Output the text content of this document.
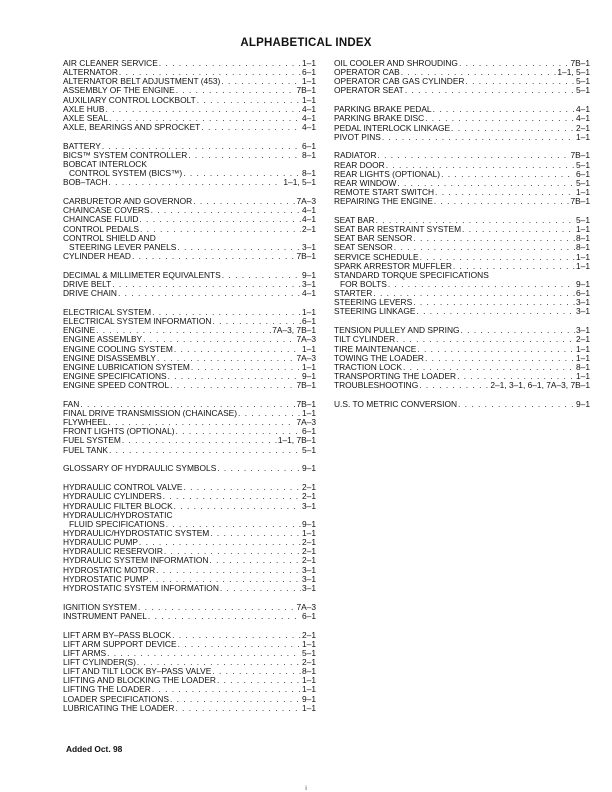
ALPHABETICAL INDEX
AIR CLEANER SERVICE . . .	1–1
ALTERNATOR . . .	6–1
ALTERNATOR BELT ADJUSTMENT (453) . . .	1–1
ASSEMBLY OF THE ENGINE . . .	7B–1
AUXILIARY CONTROL LOCKBOLT . . .	1–1
AXLE HUB . . .	4–1
AXLE SEAL . . .	4–1
AXLE, BEARINGS AND SPROCKET . . .	4–1
BATTERY . . .	6–1
BICS™ SYSTEM CONTROLLER . . .	8–1
BOBCAT INTERLOCK
CONTROL SYSTEM (BICS™) . . .	8–1
BOB–TACH . . .	1–1, 5–1
CARBURETOR AND GOVERNOR . . .	7A–3
CHAINCASE COVERS . . .	4–1
CHAINCASE FLUID . . .	4–1
CONTROL PEDALS . . .	2–1
CONTROL SHIELD AND
STEERING LEVER PANELS . . .	3–1
CYLINDER HEAD . . .	7B–1
DECIMAL & MILLIMETER EQUIVALENTS . . .	9–1
DRIVE BELT . . .	3–1
DRIVE CHAIN . . .	4–1
ELECTRICAL SYSTEM . . .	1–1
ELECTRICAL SYSTEM INFORMATION . . .	6–1
ENGINE . . .	7A–3, 7B–1
ENGINE ASSEMLBY . . .	7A–3
ENGINE COOLING SYSTEM . . .	1–1
ENGINE DISASSEMBLY . . .	7A–3
ENGINE LUBRICATION SYSTEM . . .	1–1
ENGINE SPECIFICATIONS . . .	9–1
ENGINE SPEED CONTROL . . .	7B–1
FAN . . .	7B–1
FINAL DRIVE TRANSMISSION (CHAINCASE) . . .	1–1
FLYWHEEL . . .	7A–3
FRONT LIGHTS (OPTIONAL) . . .	6–1
FUEL SYSTEM . . .	1–1, 7B–1
FUEL TANK . . .	5–1
GLOSSARY OF HYDRAULIC SYMBOLS . . .	9–1
HYDRAULIC CONTROL VALVE . . .	2–1
HYDRAULIC CYLINDERS . . .	2–1
HYDRAULIC FILTER BLOCK . . .	3–1
HYDRAULIC/HYDROSTATIC
FLUID SPECIFICATIONS . . .	9–1
HYDRAULIC/HYDROSTATIC SYSTEM . . .	1–1
HYDRAULIC PUMP . . .	2–1
HYDRAULIC RESERVOIR . . .	2–1
HYDRAULIC SYSTEM INFORMATION . . .	2–1
HYDROSTATIC MOTOR . . .	3–1
HYDROSTATIC PUMP . . .	3–1
HYDROSTATIC SYSTEM INFORMATION . . .	3–1
IGNITION SYSTEM . . .	7A–3
INSTRUMENT PANEL . . .	6–1
LIFT ARM BY–PASS BLOCK . . .	2–1
LIFT ARM SUPPORT DEVICE . . .	1–1
LIFT ARMS . . .	5–1
LIFT CYLINDER(S) . . .	2–1
LIFT AND TILT LOCK BY–PASS VALVE . . .	8–1
LIFTING AND BLOCKING THE LOADER . . .	1–1
LIFTING THE LOADER . . .	1–1
LOADER SPECIFICATIONS . . .	9–1
LUBRICATING THE LOADER . . .	1–1
OIL COOLER AND SHROUDING . . .	7B–1
OPERATOR CAB . . .	1–1, 5–1
OPERATOR CAB GAS CYLINDER . . .	5–1
OPERATOR SEAT . . .	5–1
PARKING BRAKE PEDAL . . .	4–1
PARKING BRAKE DISC . . .	4–1
PEDAL INTERLOCK LINKAGE . . .	2–1
PIVOT PINS . . .	1–1
RADIATOR . . .	7B–1
REAR DOOR . . .	5–1
REAR LIGHTS (OPTIONAL) . . .	6–1
REAR WINDOW . . .	5–1
REMOTE START SWITCH . . .	1–1
REPAIRING THE ENGINE . . .	7B–1
SEAT BAR . . .	5–1
SEAT BAR RESTRAINT SYSTEM . . .	1–1
SEAT BAR SENSOR . . .	8–1
SEAT SENSOR . . .	8–1
SERVICE SCHEDULE . . .	1–1
SPARK ARRESTOR MUFFLER . . .	1–1
STANDARD TORQUE SPECIFICATIONS
FOR BOLTS . . .	9–1
STARTER . . .	6–1
STEERING LEVERS . . .	3–1
STEERING LINKAGE . . .	3–1
TENSION PULLEY AND SPRING . . .	3–1
TILT CYLINDER . . .	2–1
TIRE MAINTENANCE . . .	1–1
TOWING THE LOADER . . .	1–1
TRACTION LOCK . . .	8–1
TRANSPORTING THE LOADER . . .	1–1
TROUBLESHOOTING . . .	2–1, 3–1, 6–1, 7A–3, 7B–1
U.S. TO METRIC CONVERSION . . .	9–1
Added Oct. 98
i
